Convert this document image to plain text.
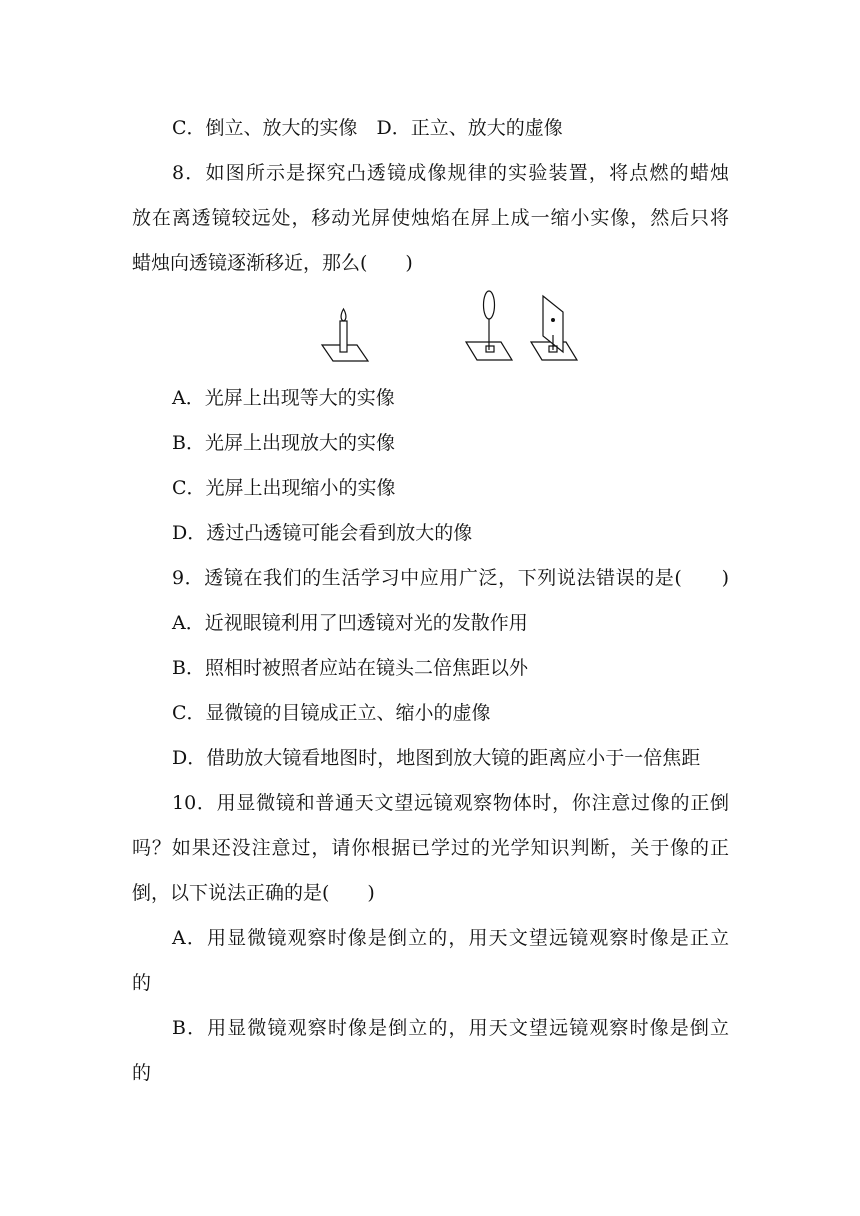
C．倒立、放大的实像　D．正立、放大的虚像
8．如图所示是探究凸透镜成像规律的实验装置，将点燃的蜡烛
放在离透镜较远处，移动光屏使烛焰在屏上成一缩小实像，然后只将
蜡烛向透镜逐渐移近，那么(　　)
A．光屏上出现等大的实像
B．光屏上出现放大的实像
C．光屏上出现缩小的实像
D．透过凸透镜可能会看到放大的像
9．透镜在我们的生活学习中应用广泛，下列说法错误的是(　　)
A．近视眼镜利用了凹透镜对光的发散作用
B．照相时被照者应站在镜头二倍焦距以外
C．显微镜的目镜成正立、缩小的虚像
D．借助放大镜看地图时，地图到放大镜的距离应小于一倍焦距
10．用显微镜和普通天文望远镜观察物体时，你注意过像的正倒
吗？如果还没注意过，请你根据已学过的光学知识判断，关于像的正
倒，以下说法正确的是(　　)
A．用显微镜观察时像是倒立的，用天文望远镜观察时像是正立
的
B．用显微镜观察时像是倒立的，用天文望远镜观察时像是倒立
的
